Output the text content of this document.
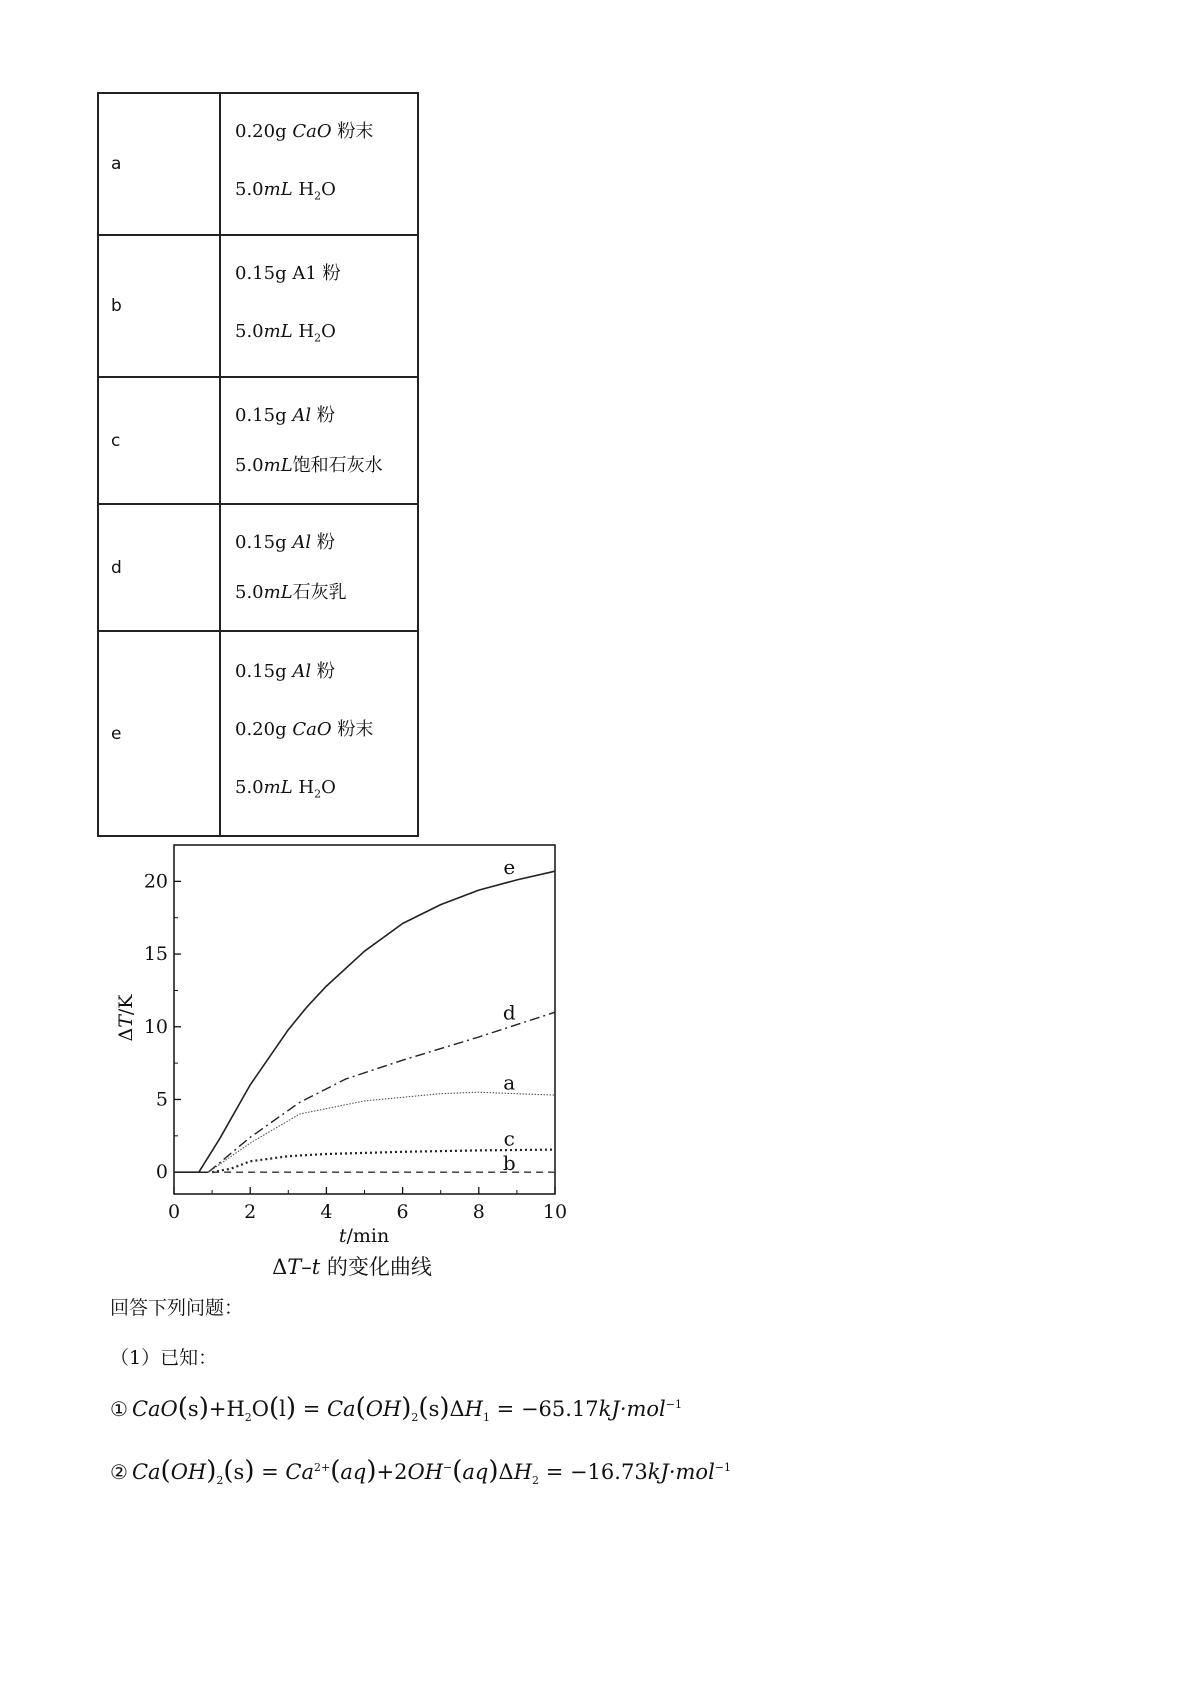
a	0.20g CaO 粉末
5.0mL $H_2O$

b	0.15g A1 粉
5.0mL $H_2O$

c	0.15g Al 粉
5.0mL饱和石灰水

d	0.15g Al 粉
5.0mL石灰乳

e	0.15g Al 粉
0.20g CaO 粉末
5.0mL $H_2O$
0	2	4	6	8	10
0
5
10
15
20
e
d
a
c
b
ΔT/K
t/min
ΔT–t 的变化曲线
回答下列问题：
（1）已知：
① $CaO(s)+H_2O(l) = Ca(OH)_2(s)\Delta H_1 = -65.17kJ\cdot mol^{-1}$
② $Ca(OH)_2(s) = Ca^{2+}(aq)+2OH^-(aq)\Delta H_2 = -16.73kJ\cdot mol^{-1}$
